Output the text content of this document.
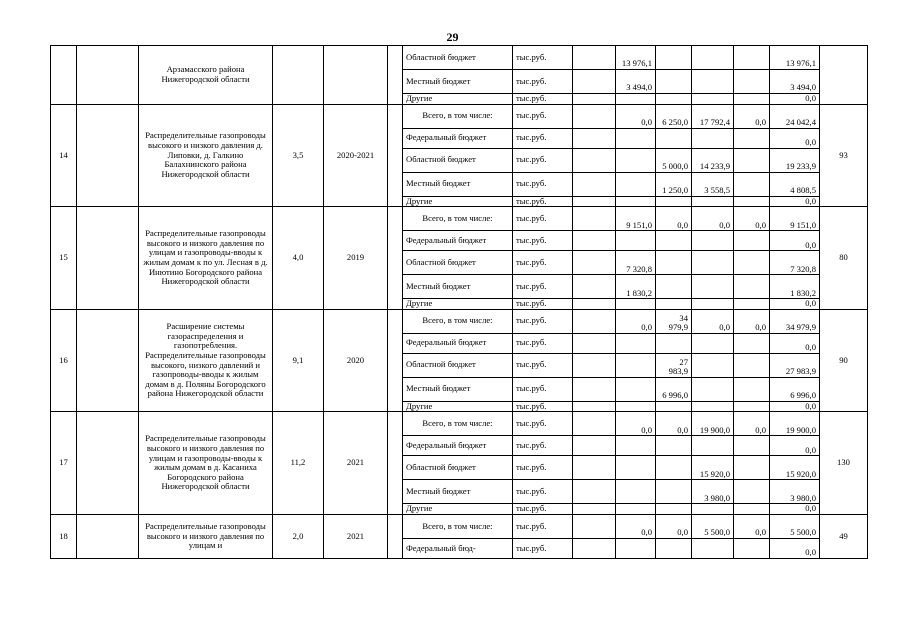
29
		Арзамасского района Нижегородской области				Областной бюджет	тыс.руб.		13 976,1				13 976,1	
						Местный бюджет	тыс.руб.		3 494,0				3 494,0	
						Другие	тыс.руб.						0,0	
14		Распределительные газопроводы высокого и низкого давления д. Липовки, д. Галкино Балахнинского района Нижегородской области	3,5	2020-2021		Всего, в том числе:	тыс.руб.		0,0	6 250,0	17 792,4	0,0	24 042,4	93
						Федеральный бюджет	тыс.руб.						0,0	
						Областной бюджет	тыс.руб.			5 000,0	14 233,9		19 233,9	
						Местный бюджет	тыс.руб.			1 250,0	3 558,5		4 808,5	
						Другие	тыс.руб.						0,0	
15		Распределительные газопроводы высокого и низкого давления по улицам и газопроводы-вводы к жилым домам к по ул. Лесная в д. Инютино Богородского района Нижегородской области	4,0	2019		Всего, в том числе:	тыс.руб.		9 151,0	0,0	0,0	0,0	9 151,0	80
						Федеральный бюджет	тыс.руб.						0,0	
						Областной бюджет	тыс.руб.		7 320,8				7 320,8	
						Местный бюджет	тыс.руб.		1 830,2				1 830,2	
						Другие	тыс.руб.						0,0	
16		Расширение системы газораспределения и газопотребления. Распределительные газопроводы высокого, низкого давлений и газопроводы-вводы к жилым домам в д. Поляны Богородского района Нижегородской области	9,1	2020		Всего, в том числе:	тыс.руб.		0,0	34 979,9	0,0	0,0	34 979,9	90
						Федеральный бюджет	тыс.руб.						0,0	
						Областной бюджет	тыс.руб.			27 983,9			27 983,9	
						Местный бюджет	тыс.руб.			6 996,0			6 996,0	
						Другие	тыс.руб.						0,0	
17		Распределительные газопроводы высокого и низкого давления по улицам и газопроводы-вводы к жилым домам в д. Касаниха Богородского района Нижегородской области	11,2	2021		Всего, в том числе:	тыс.руб.		0,0	0,0	19 900,0	0,0	19 900,0	130
						Федеральный бюджет	тыс.руб.						0,0	
						Областной бюджет	тыс.руб.				15 920,0		15 920,0	
						Местный бюджет	тыс.руб.				3 980,0		3 980,0	
						Другие	тыс.руб.						0,0	
18		Распределительные газопроводы высокого и низкого давления по улицам и	2,0	2021		Всего, в том числе:	тыс.руб.		0,0	0,0	5 500,0	0,0	5 500,0	49
						Федеральный бюд-	тыс.руб.						0,0	
